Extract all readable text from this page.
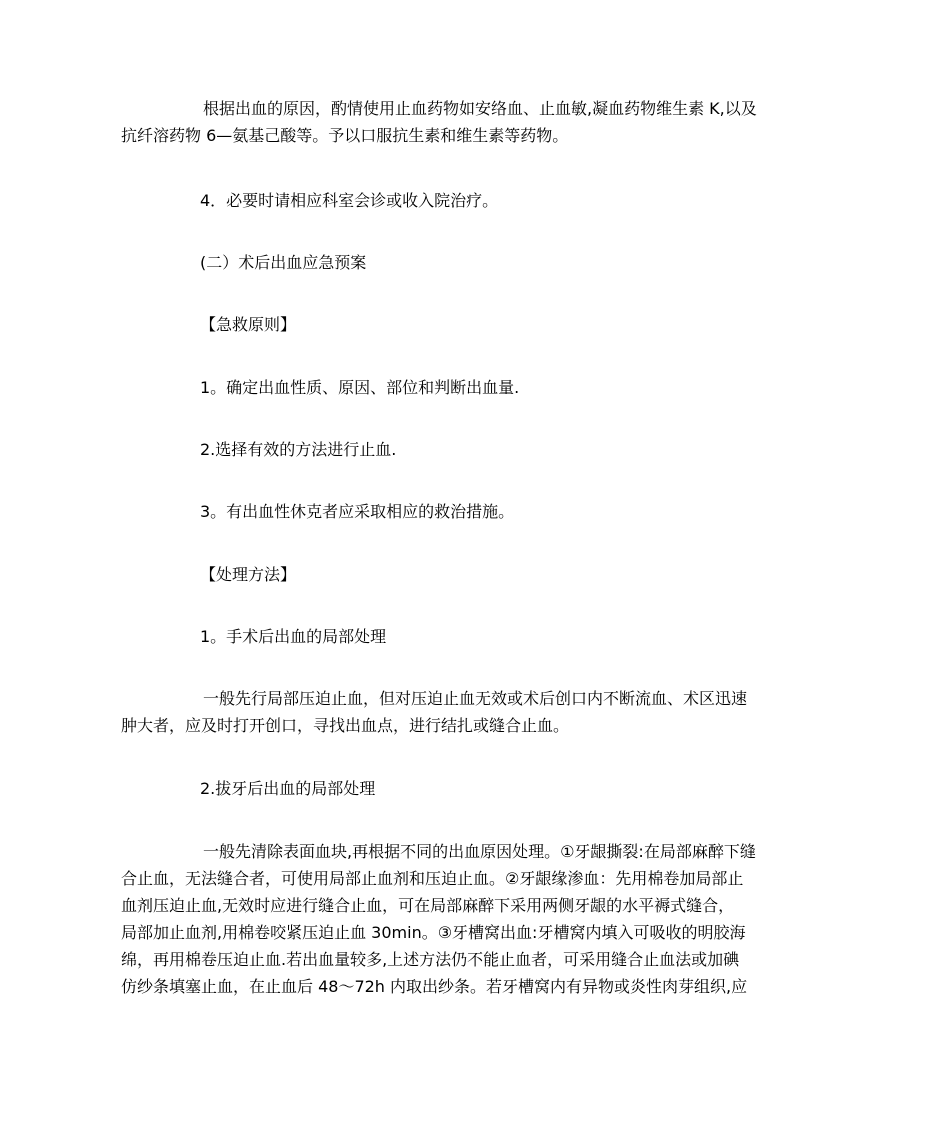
根据出血的原因，酌情使用止血药物如安络血、止血敏,凝血药物维生素 K,以及
抗纤溶药物 6—氨基己酸等。予以口服抗生素和维生素等药物。

4．必要时请相应科室会诊或收入院治疗。

(二）术后出血应急预案

【急救原则】

1。确定出血性质、原因、部位和判断出血量.

2.选择有效的方法进行止血.

3。有出血性休克者应采取相应的救治措施。

【处理方法】

1。手术后出血的局部处理

一般先行局部压迫止血，但对压迫止血无效或术后创口内不断流血、术区迅速
肿大者，应及时打开创口，寻找出血点，进行结扎或缝合止血。

2.拔牙后出血的局部处理

一般先清除表面血块,再根据不同的出血原因处理。①牙龈撕裂:在局部麻醉下缝
合止血，无法缝合者，可使用局部止血剂和压迫止血。②牙龈缘渗血：先用棉卷加局部止
血剂压迫止血,无效时应进行缝合止血，可在局部麻醉下采用两侧牙龈的水平褥式缝合，
局部加止血剂,用棉卷咬紧压迫止血 30min。③牙槽窝出血:牙槽窝内填入可吸收的明胶海
绵，再用棉卷压迫止血.若出血量较多,上述方法仍不能止血者，可采用缝合止血法或加碘
仿纱条填塞止血，在止血后 48～72h 内取出纱条。若牙槽窝内有异物或炎性肉芽组织,应
